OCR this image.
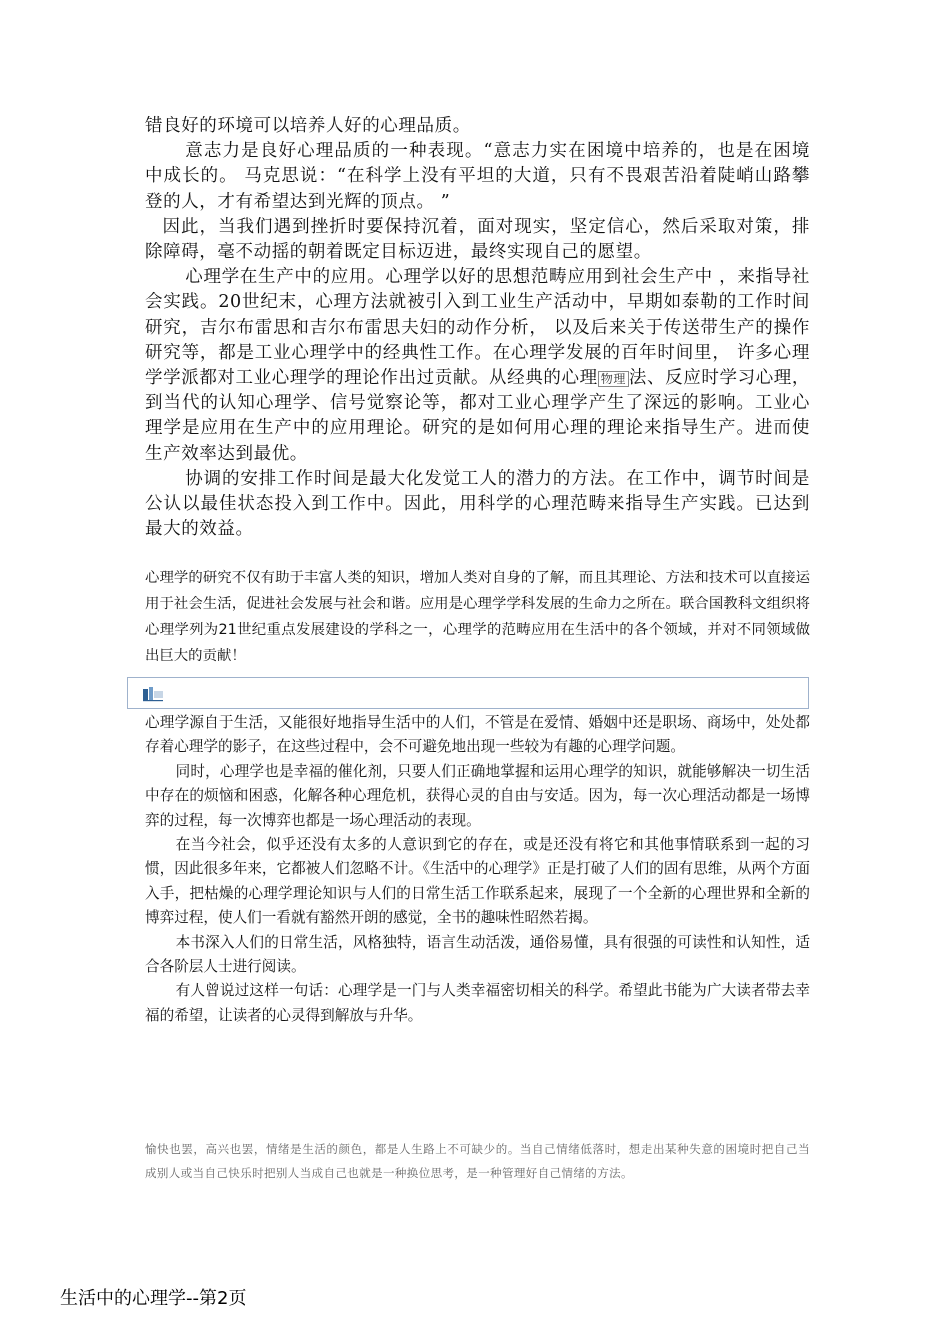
错良好的环境可以培养人好的心理品质。

意志力是良好心理品质的一种表现。“意志力实在困境中培养的，也是在困境中成长的。 马克思说：“在科学上没有平坦的大道，只有不畏艰苦沿着陡峭山路攀登的人，才有希望达到光辉的顶点。 ”

因此，当我们遇到挫折时要保持沉着，面对现实，坚定信心，然后采取对策，排除障碍，毫不动摇的朝着既定目标迈进，最终实现自己的愿望。

心理学在生产中的应用。心理学以好的思想范畴应用到社会生产中 ，来指导社会实践。20世纪末，心理方法就被引入到工业生产活动中，早期如泰勒的工作时间研究，吉尔布雷思和吉尔布雷思夫妇的动作分析， 以及后来关于传送带生产的操作研究等，都是工业心理学中的经典性工作。在心理学发展的百年时间里， 许多心理学学派都对工业心理学的理论作出过贡献。从经典的心理 物理 法、反应时学习心理，到当代的认知心理学、信号觉察论等，都对工业心理学产生了深远的影响。工业心理学是应用在生产中的应用理论。研究的是如何用心理的理论来指导生产。进而使生产效率达到最优。

协调的安排工作时间是最大化发觉工人的潜力的方法。在工作中，调节时间是公认以最佳状态投入到工作中。因此，用科学的心理范畴来指导生产实践。已达到最大的效益。

心理学的研究不仅有助于丰富人类的知识，增加人类对自身的了解，而且其理论、方法和技术可以直接运用于社会生活，促进社会发展与社会和谐。应用是心理学学科发展的生命力之所在。联合国教科文组织将心理学列为21世纪重点发展建设的学科之一，心理学的范畴应用在生活中的各个领域，并对不同领域做出巨大的贡献！

心理学源自于生活，又能很好地指导生活中的人们，不管是在爱情、婚姻中还是职场、商场中，处处都存着心理学的影子，在这些过程中，会不可避免地出现一些较为有趣的心理学问题。

同时，心理学也是幸福的催化剂，只要人们正确地掌握和运用心理学的知识，就能够解决一切生活中存在的烦恼和困惑，化解各种心理危机，获得心灵的自由与安适。因为，每一次心理活动都是一场博弈的过程，每一次博弈也都是一场心理活动的表现。

在当今社会，似乎还没有太多的人意识到它的存在，或是还没有将它和其他事情联系到一起的习惯，因此很多年来，它都被人们忽略不计。《生活中的心理学》正是打破了人们的固有思维，从两个方面入手，把枯燥的心理学理论知识与人们的日常生活工作联系起来，展现了一个全新的心理世界和全新的博弈过程，使人们一看就有豁然开朗的感觉，全书的趣味性昭然若揭。

本书深入人们的日常生活，风格独特，语言生动活泼，通俗易懂，具有很强的可读性和认知性，适合各阶层人士进行阅读。

有人曾说过这样一句话：心理学是一门与人类幸福密切相关的科学。希望此书能为广大读者带去幸福的希望，让读者的心灵得到解放与升华。

愉快也罢，高兴也罢，情绪是生活的颜色，都是人生路上不可缺少的。当自己情绪低落时，想走出某种失意的困境时把自己当成别人或当自己快乐时把别人当成自己也就是一种换位思考，是一种管理好自己情绪的方法。

生活中的心理学--第2页
